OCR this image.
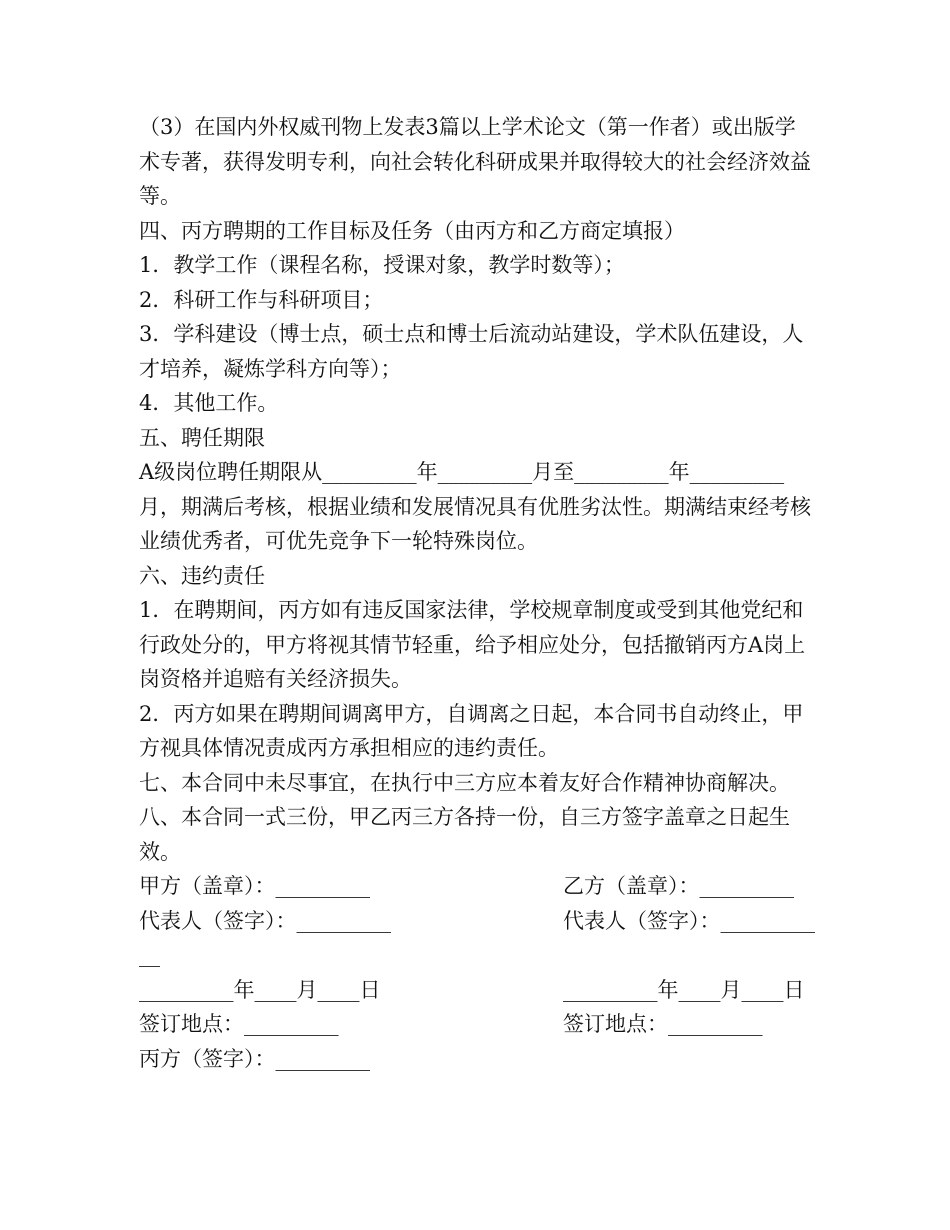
（3）在国内外权威刊物上发表3篇以上学术论文（第一作者）或出版学术专著，获得发明专利，向社会转化科研成果并取得较大的社会经济效益等。

四、丙方聘期的工作目标及任务（由丙方和乙方商定填报）

1．教学工作（课程名称，授课对象，教学时数等）；

2．科研工作与科研项目；

3．学科建设（博士点，硕士点和博士后流动站建设，学术队伍建设，人才培养，凝炼学科方向等）；

4．其他工作。

五、聘任期限

A级岗位聘任期限从_________年_________月至_________年_________月，期满后考核，根据业绩和发展情况具有优胜劣汰性。期满结束经考核业绩优秀者，可优先竞争下一轮特殊岗位。

六、违约责任

1．在聘期间，丙方如有违反国家法律，学校规章制度或受到其他党纪和行政处分的，甲方将视其情节轻重，给予相应处分，包括撤销丙方A岗上岗资格并追赔有关经济损失。

2．丙方如果在聘期间调离甲方，自调离之日起，本合同书自动终止，甲方视具体情况责成丙方承担相应的违约责任。

七、本合同中未尽事宜，在执行中三方应本着友好合作精神协商解决。

八、本合同一式三份，甲乙丙三方各持一份，自三方签字盖章之日起生效。

甲方（盖章）：_________	乙方（盖章）：_________
代表人（签字）：_________	代表人（签字）：_________
__
_________年____月____日	_________年____月____日
签订地点：_________	签订地点：_________
丙方（签字）：_________
